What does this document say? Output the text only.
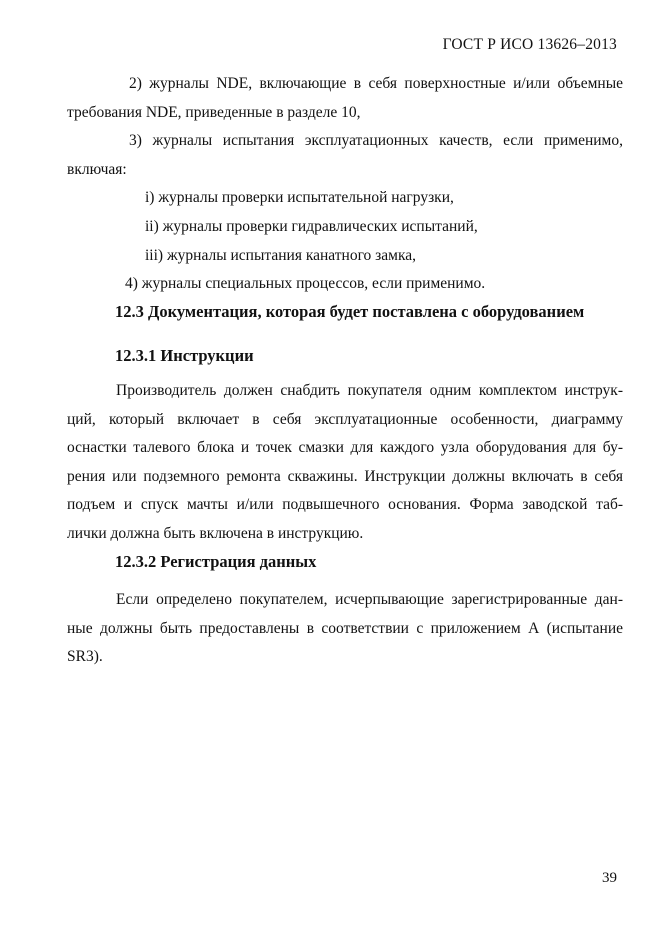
ГОСТ Р ИСО 13626–2013
2) журналы NDE, включающие в себя поверхностные и/или объемные
требования NDE, приведенные в разделе 10,
3) журналы испытания эксплуатационных качеств, если применимо,
включая:
i) журналы проверки испытательной нагрузки,
ii) журналы проверки гидравлических испытаний,
iii) журналы испытания канатного замка,
4) журналы специальных процессов, если применимо.
12.3 Документация, которая будет поставлена с оборудованием
12.3.1 Инструкции
Производитель должен снабдить покупателя одним комплектом инструк-
ций, который включает в себя эксплуатационные особенности, диаграмму
оснастки талевого блока и точек смазки для каждого узла оборудования для бу-
рения или подземного ремонта скважины. Инструкции должны включать в себя
подъем и спуск мачты и/или подвышечного основания. Форма заводской таб-
лички должна быть включена в инструкцию.
12.3.2 Регистрация данных
Если определено покупателем, исчерпывающие зарегистрированные дан-
ные должны быть предоставлены в соответствии с приложением А (испытание
SR3).
39
